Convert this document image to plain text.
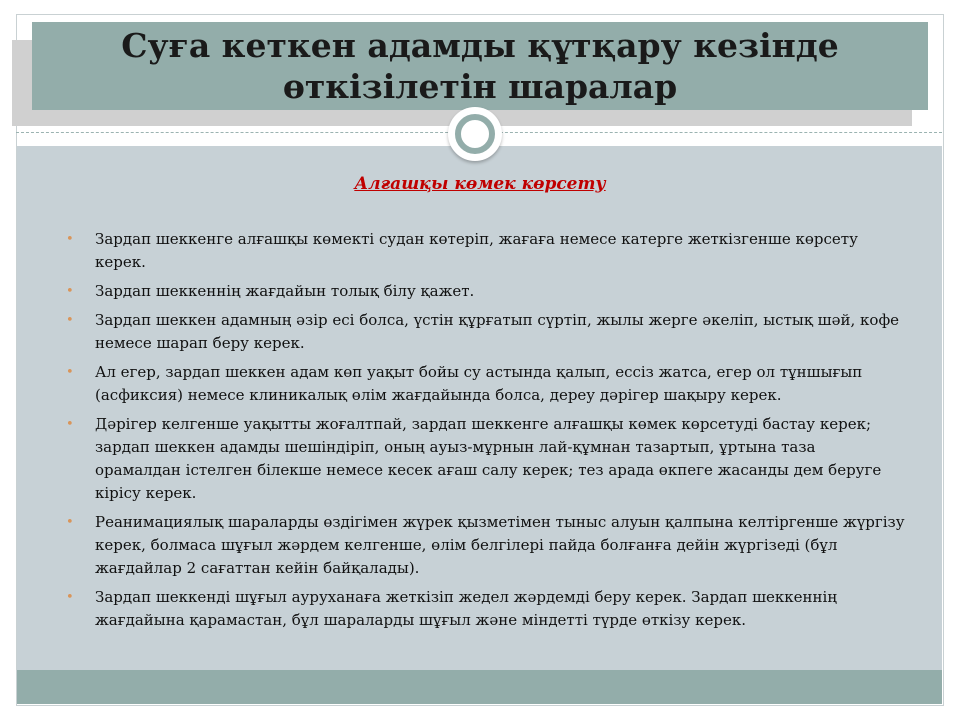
Суға кеткен адамды құтқару кезінде өткізілетін шаралар

Алғашқы көмек көрсету

• Зардап шеккенге алғашқы көмекті судан көтеріп, жағаға немесе катерге жеткізгенше көрсету керек.
• Зардап шеккеннің жағдайын толық білу қажет.
• Зардап шеккен адамның әзір есі болса, үстін құрғатып сүртіп, жылы жерге әкеліп, ыстық шәй, кофе немесе шарап беру керек.
• Ал егер, зардап шеккен адам көп уақыт бойы су астында қалып, ессіз жатса, егер ол тұншығып (асфиксия) немесе клиникалық өлім жағдайында болса, дереу дәрігер шақыру керек.
• Дәрігер келгенше уақытты жоғалтпай, зардап шеккенге алғашқы көмек көрсетуді бастау керек; зардап шеккен адамды шешіндіріп, оның ауыз-мұрнын лай-құмнан тазартып, ұртына таза орамалдан істелген білекше немесе кесек ағаш салу керек; тез арада өкпеге жасанды дем беруге кірісу керек.
• Реанимациялық шараларды өздігімен жүрек қызметімен тыныс алуын қалпына келтіргенше жүргізу керек, болмаса шұғыл жәрдем келгенше, өлім белгілері пайда болғанға дейін жүргізеді (бұл жағдайлар 2 сағаттан кейін байқалады).
• Зардап шеккенді шұғыл ауруханаға жеткізіп жедел жәрдемді беру керек. Зардап шеккеннің жағдайына қарамастан, бұл шараларды шұғыл және міндетті түрде өткізу керек.
